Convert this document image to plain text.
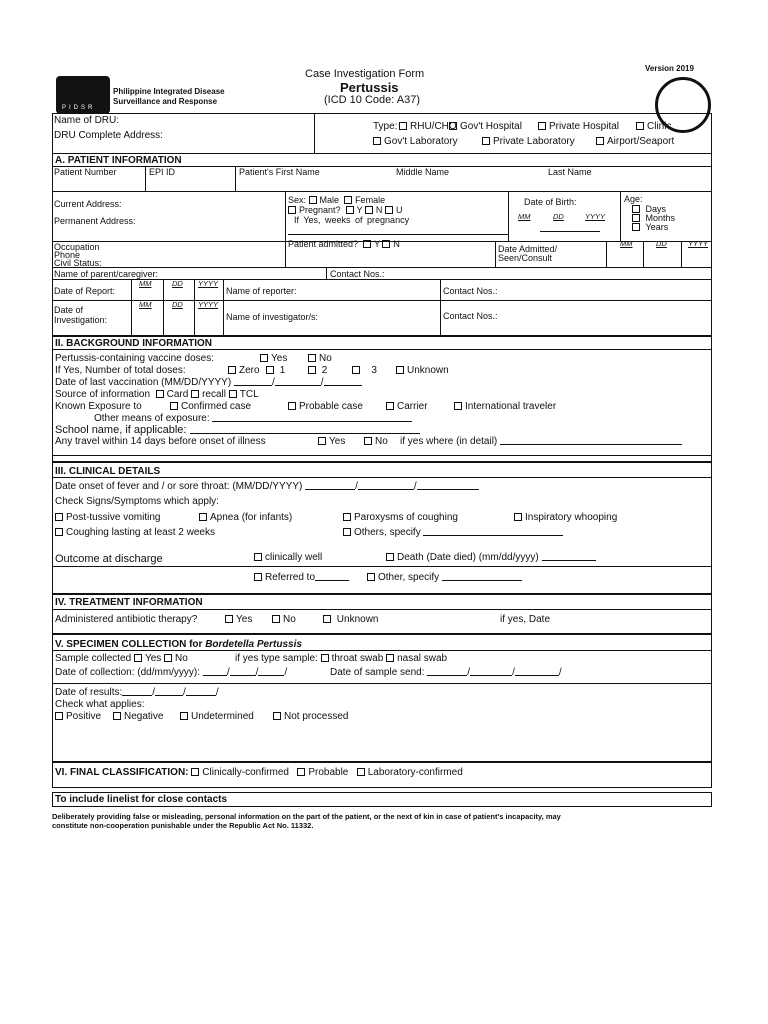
PIDSR
Philippine Integrated Disease
Surveillance and Response
Case Investigation Form
Pertussis
(ICD 10 Code: A37)
Version 2019
Name of DRU:
DRU Complete Address:
Type:	RHU/CHO Gov't Hospital	Private Hospital	Clinic
Gov't Laboratory	Private Laboratory	Airport/Seaport
A. PATIENT INFORMATION
Patient Number	EPI ID	Patient's First Name	Middle Name	Last Name
Current Address:
Permanent Address:
Sex: Male Female
Pregnant? Y N U
If Yes, weeks of pregnancy
Date of Birth:
MM	DD	YYYY
Age:
Days
Months
Years
Occupation
Phone
Civil Status:
Patient admitted? Y N	Date Admitted/
Seen/Consult
MM	DD	YYYY
Name of parent/caregiver:	Contact Nos.:
Date of Report:
MM	DD YYYY
Name of reporter:	Contact Nos.:
Date of
Investigation:
MM	DD YYYY
Name of investigator/s:	Contact Nos.:
II. BACKGROUND INFORMATION
Pertussis-containing vaccine doses:	Yes	No
If Yes, Number of total doses:	Zero	1	2	3	Unknown
Date of last vaccination (MM/DD/YYYY)	/	/
Source of information Card recall TCL
Known Exposure to	Confirmed case	Probable case	Carrier	International traveler
Other means of exposure:
School name, if applicable:
Any travel within 14 days before onset of illness	Yes	No if yes where (in detail)
III. CLINICAL DETAILS
Date onset of fever and / or sore throat: (MM/DD/YYYY)	/	/
Check Signs/Symptoms which apply:
Post-tussive vomiting	Apnea (for infants)	Paroxysms of coughing	Inspiratory whooping
Coughing lasting at least 2 weeks	Others, specify
Outcome at discharge	clinically well	Death (Date died) (mm/dd/yyyy)
Referred to	Other, specify
IV. TREATMENT INFORMATION
Administered antibiotic therapy?	Yes	No	Unknown	if yes, Date
V. SPECIMEN COLLECTION for Bordetella Pertussis
Sample collected Yes No	if yes type sample: throat swab nasal swab
Date of collection: (dd/mm/yyyy):	/	/	/	Date of sample send:	/	/	/
Date of results:	/	/	/
Check what applies:
Positive	Negative	Undetermined	Not processed
VI. FINAL CLASSIFICATION: Clinically-confirmed Probable Laboratory-confirmed
To include linelist for close contacts
Deliberately providing false or misleading, personal information on the part of the patient, or the next of kin in case of patient's incapacity, may
constitute non-cooperation punishable under the Republic Act No. 11332.
